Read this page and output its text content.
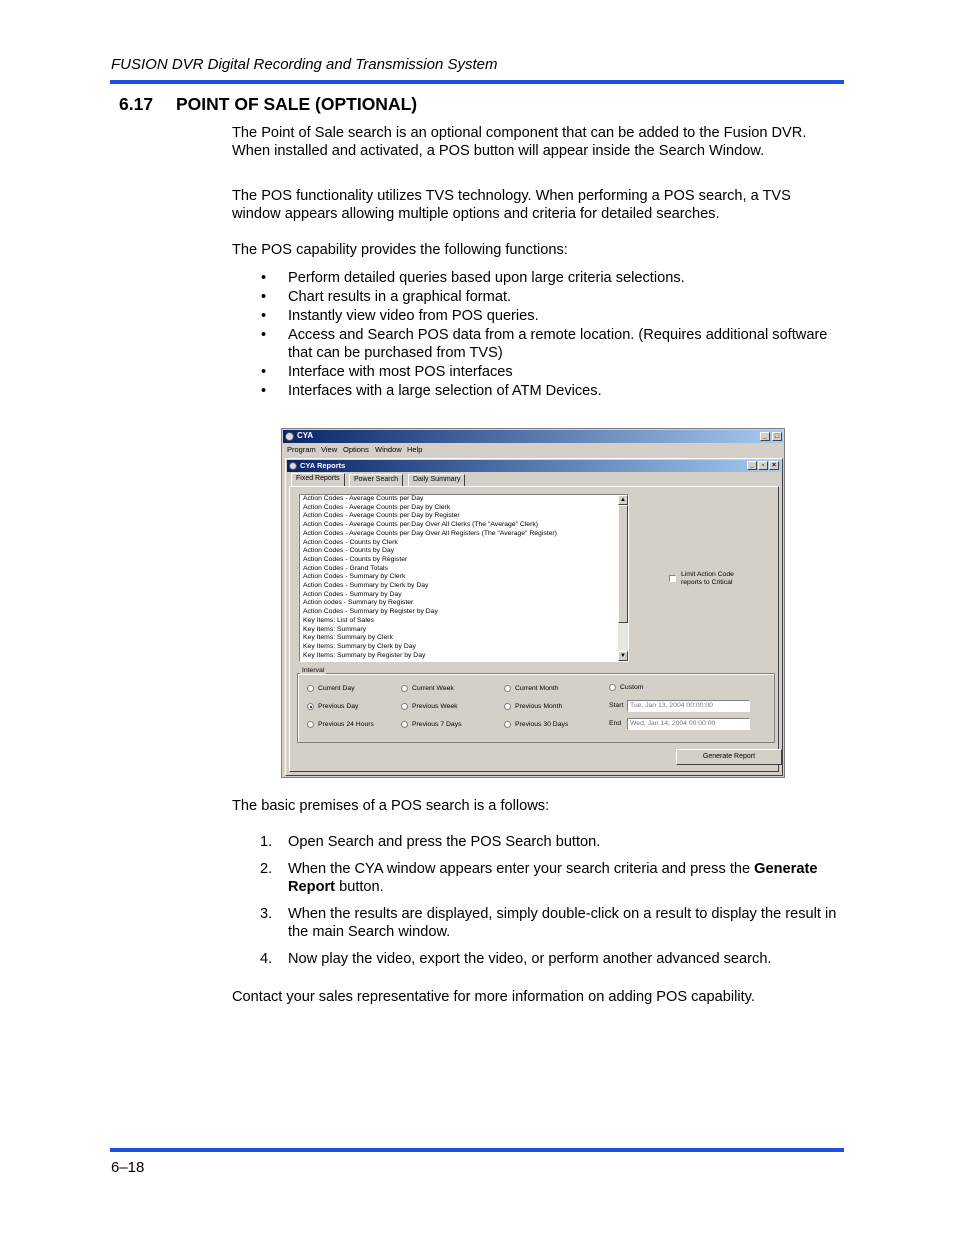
FUSION DVR Digital Recording and Transmission System
6.17 POINT OF SALE (OPTIONAL)

The Point of Sale search is an optional component that can be added to the Fusion DVR. When installed and activated, a POS button will appear inside the Search Window.

The POS functionality utilizes TVS technology. When performing a POS search, a TVS window appears allowing multiple options and criteria for detailed searches.

The POS capability provides the following functions:

• Perform detailed queries based upon large criteria selections.
• Chart results in a graphical format.
• Instantly view video from POS queries.
• Access and Search POS data from a remote location. (Requires additional software that can be purchased from TVS)
• Interface with most POS interfaces
• Interfaces with a large selection of ATM Devices.
CYA	_	□
Program View Options Window Help
CYA Reports	_	▫	×
Fixed Reports	Power Search	Daily Summary
Action Codes - Average Counts per Day
Action Codes - Average Counts per Day by Clerk
Action Codes - Average Counts per Day by Register
Action Codes - Average Counts per Day Over All Clerks (The "Average" Clerk)
Action Codes - Average Counts per Day Over All Registers (The "Average" Register)
Action Codes - Counts by Clerk
Action Codes - Counts by Day
Action Codes - Counts by Register
Action Codes - Grand Totals
Action Codes - Summary by Clerk
Action Codes - Summary by Clerk by Day
Action Codes - Summary by Day
Action codes - Summary by Register
Action Codes - Summary by Register by Day
Key Items: List of Sales
Key Items: Summary
Key Items: Summary by Clerk
Key Items: Summary by Clerk by Day
Key Items: Summary by Register by Day
▲
▼
Limit Action Code reports to Critical
Interval
Current Day	Current Week	Current Month	Custom
Previous Day	Previous Week	Previous Month	Start Tue, Jan 13, 2004 00:00:00
Previous 24 Hours	Previous 7 Days	Previous 30 Days	End	Wed, Jan 14, 2004 00:00:00
Generate Report

The basic premises of a POS search is a follows:

1. Open Search and press the POS Search button.
2. When the CYA window appears enter your search criteria and press the Generate Report button.
3. When the results are displayed, simply double-click on a result to display the result in the main Search window.
4. Now play the video, export the video, or perform another advanced search.

Contact your sales representative for more information on adding POS capability.

6–18
